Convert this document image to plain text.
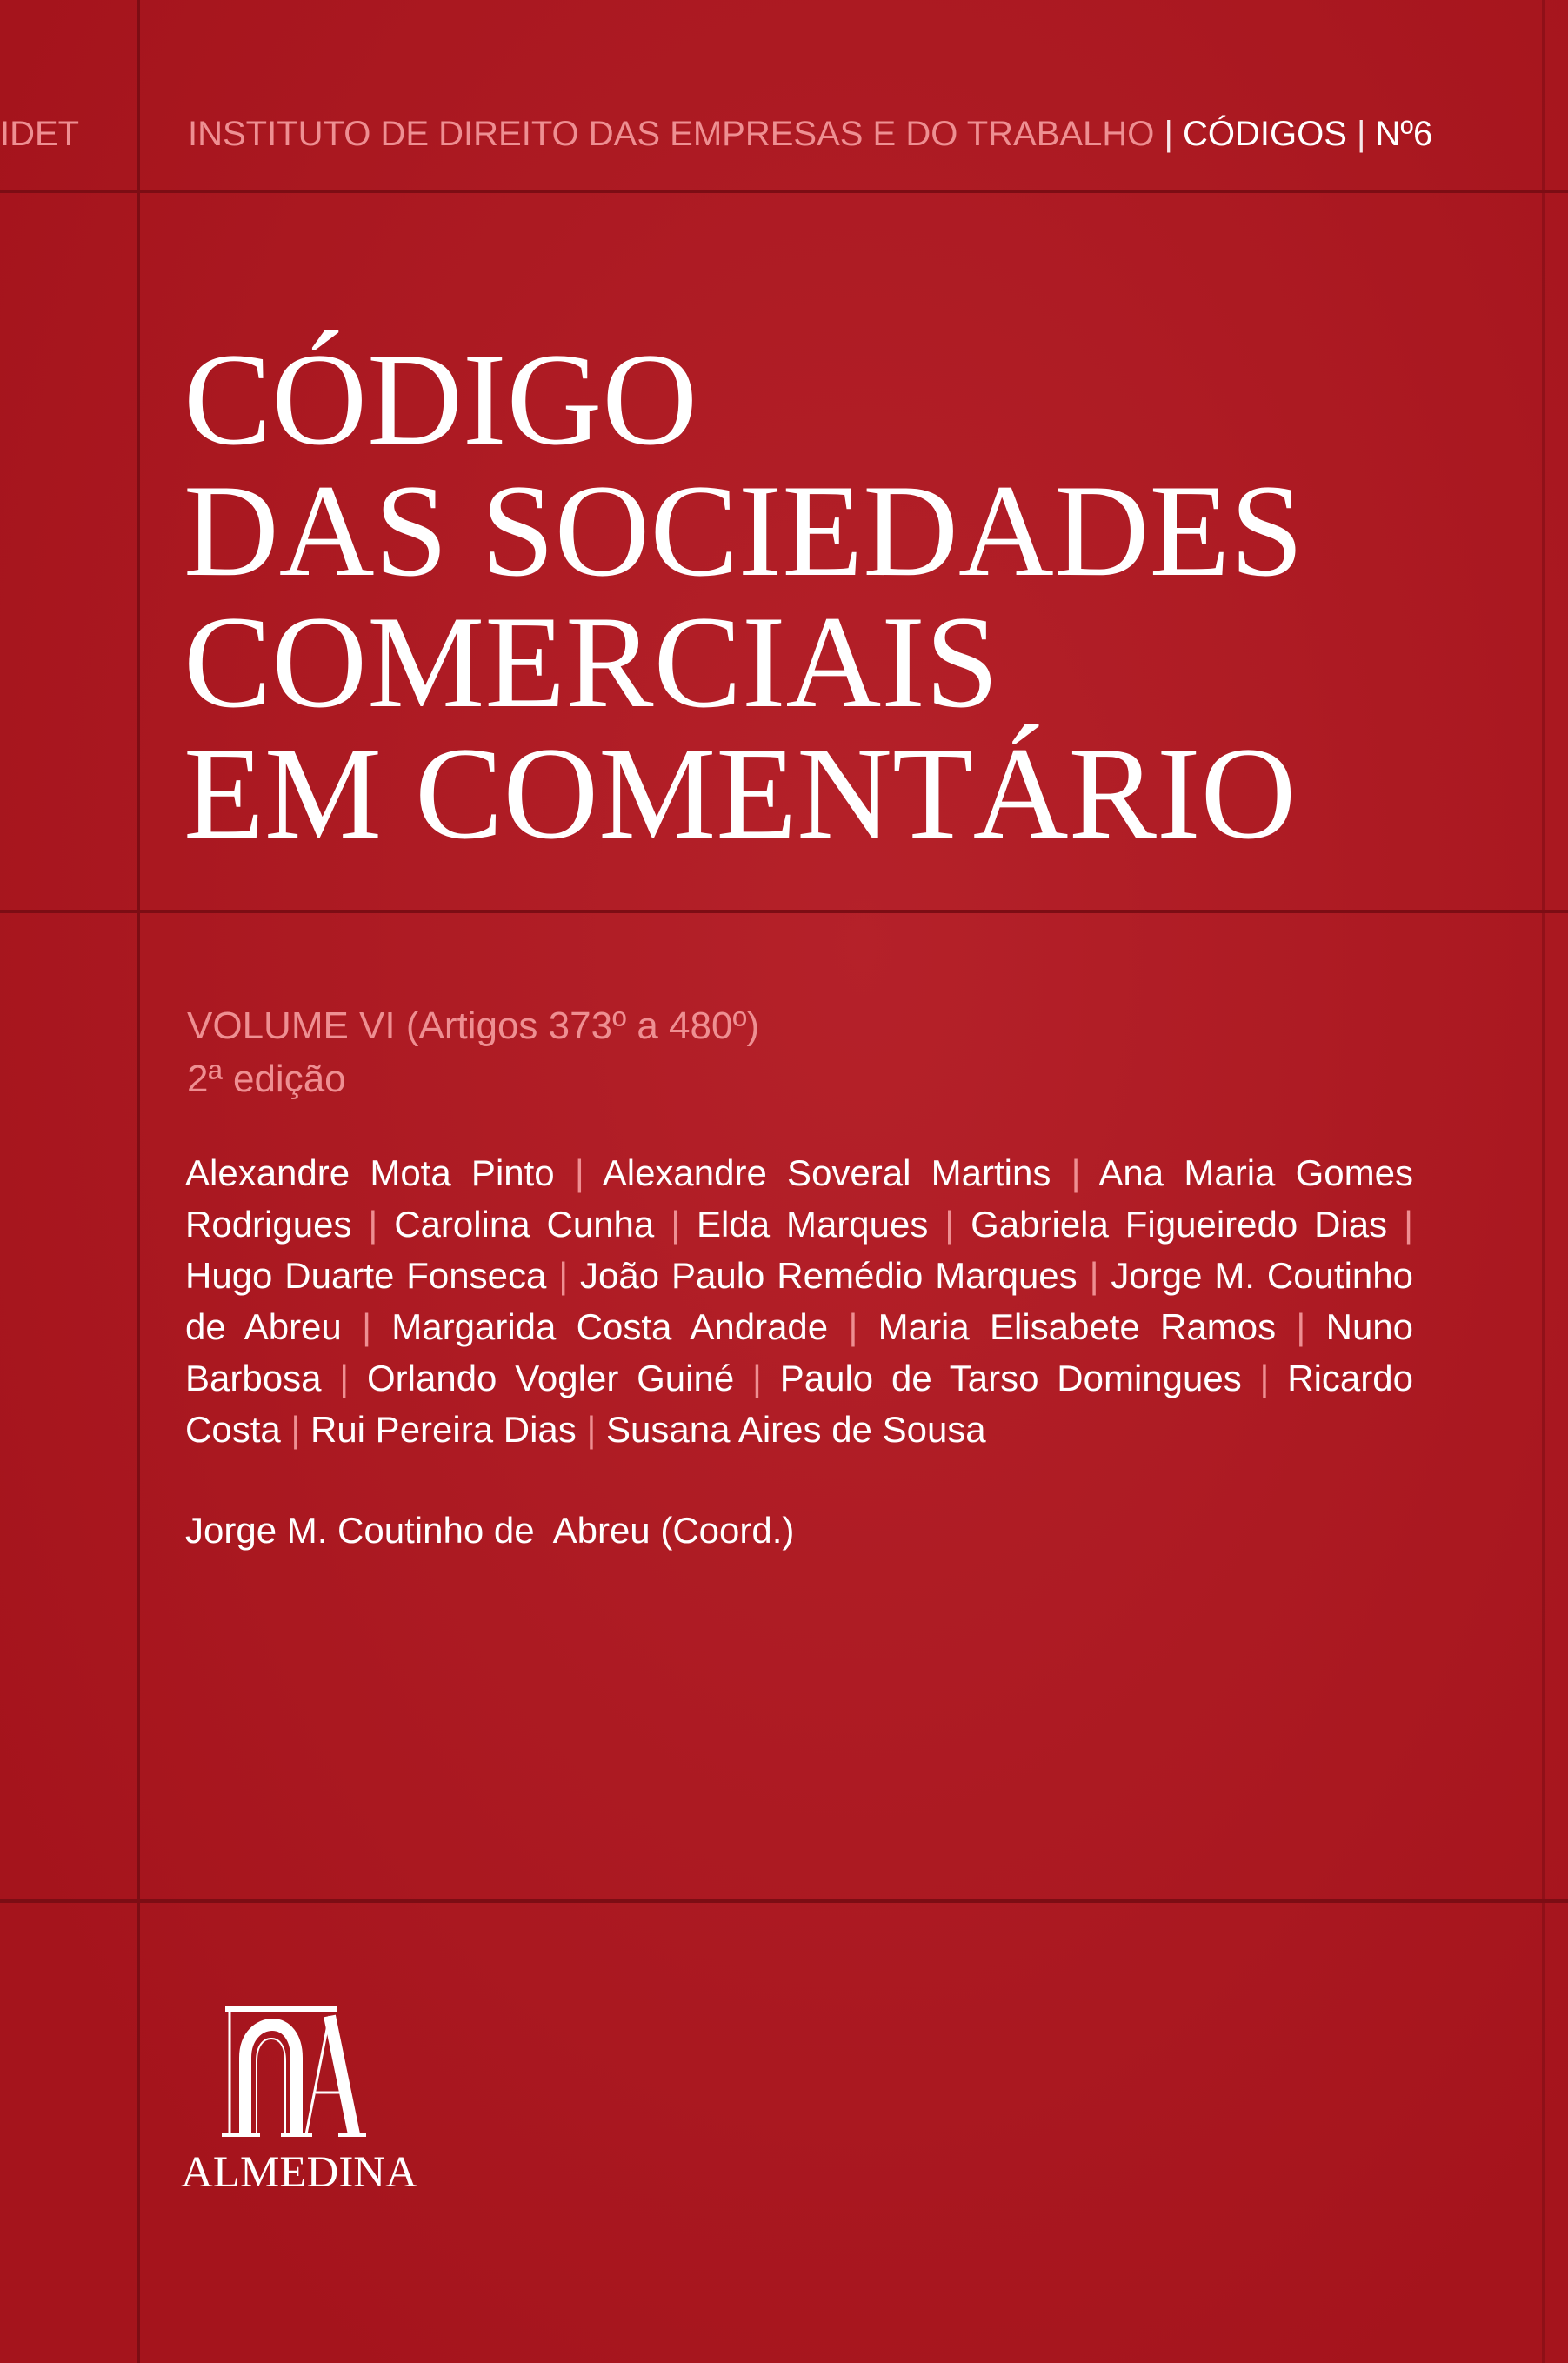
IDET	INSTITUTO DE DIREITO DAS EMPRESAS E DO TRABALHO | CÓDIGOS | Nº6
CÓDIGO
DAS SOCIEDADES
COMERCIAIS
EM COMENTÁRIO
VOLUME VI (Artigos 373º a 480º)
2ª edição
Alexandre Mota Pinto | Alexandre Soveral Martins | Ana Maria Gomes
Rodrigues | Carolina Cunha | Elda Marques | Gabriela Figueiredo Dias |
Hugo Duarte Fonseca | João Paulo Remédio Marques | Jorge M. Coutinho
de Abreu | Margarida Costa Andrade | Maria Elisabete Ramos | Nuno
Barbosa | Orlando Vogler Guiné | Paulo de Tarso Domingues | Ricardo
Costa | Rui Pereira Dias | Susana Aires de Sousa
Jorge M. Coutinho de  Abreu (Coord.)
ALMEDINA
